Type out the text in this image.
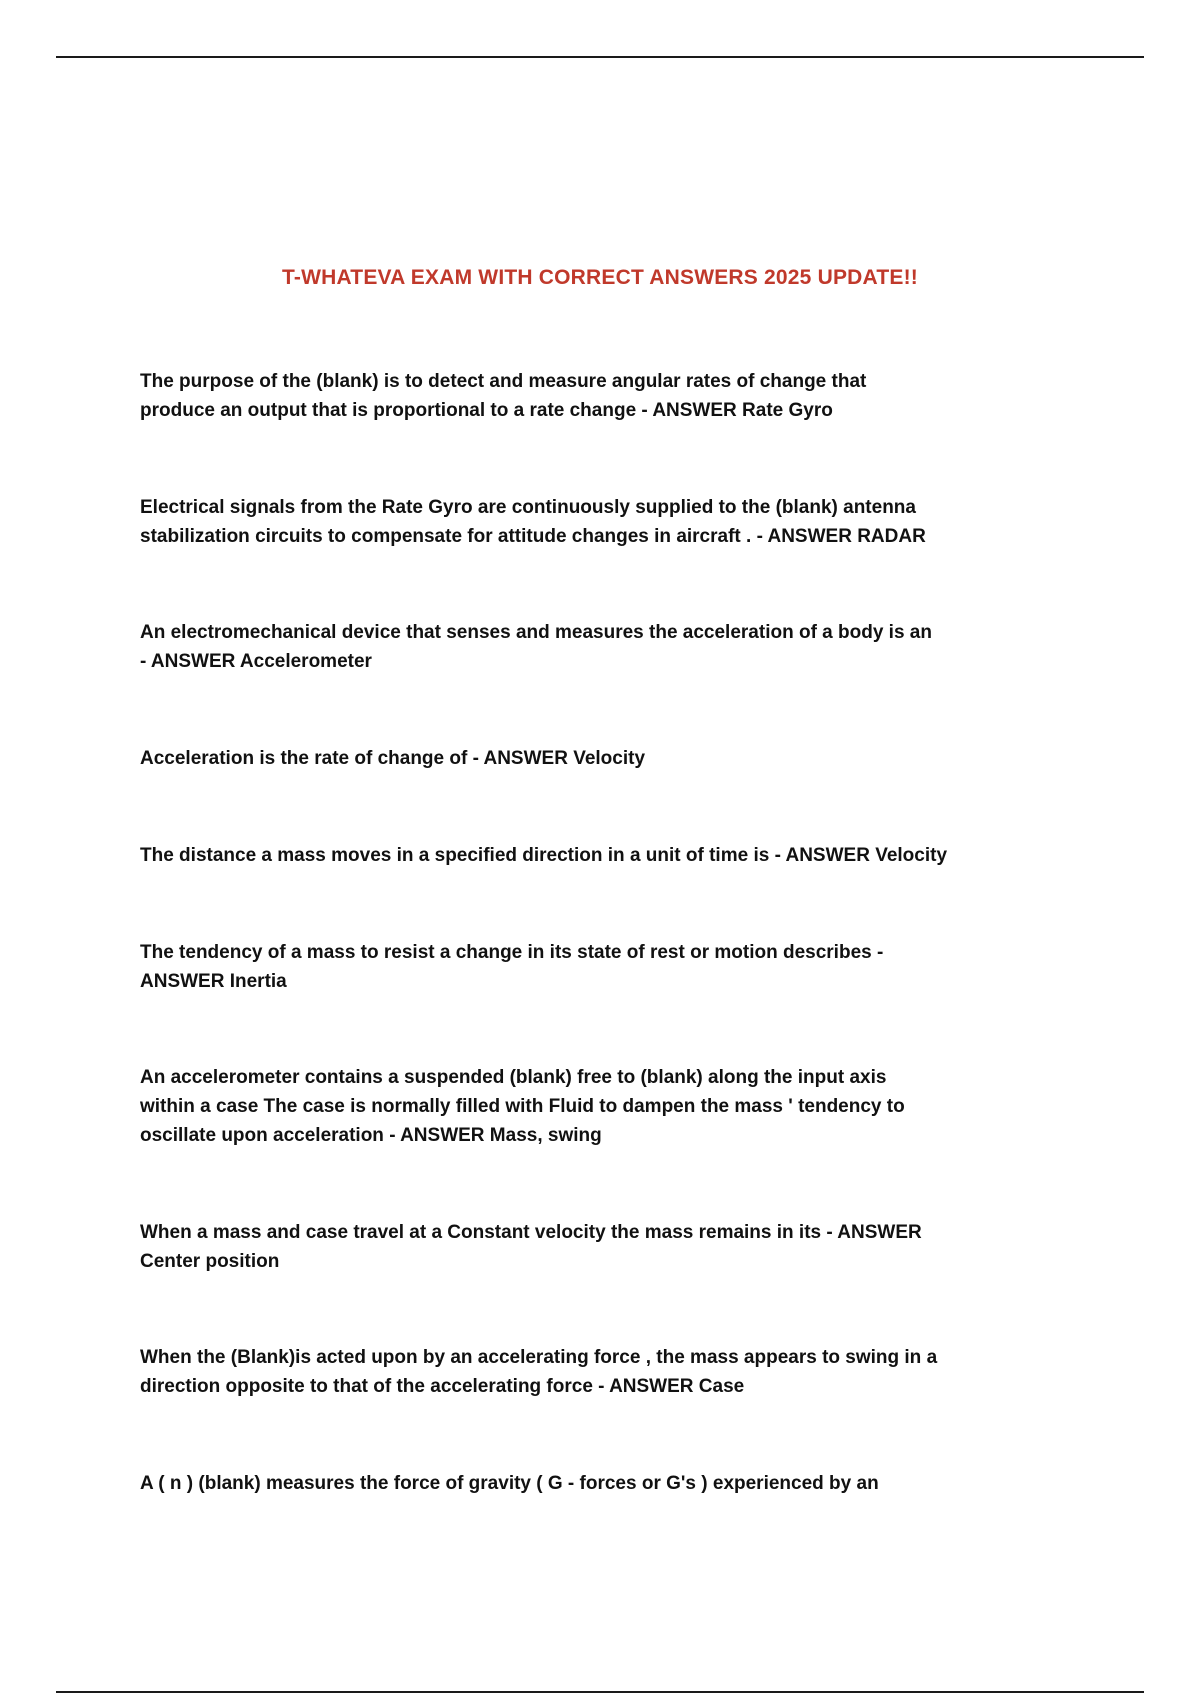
T-WHATEVA EXAM WITH CORRECT ANSWERS 2025 UPDATE!!

The purpose of the (blank) is to detect and measure angular rates of change that
produce an output that is proportional to a rate change - ANSWER Rate Gyro

Electrical signals from the Rate Gyro are continuously supplied to the (blank) antenna
stabilization circuits to compensate for attitude changes in aircraft . - ANSWER RADAR

An electromechanical device that senses and measures the acceleration of a body is an
- ANSWER Accelerometer

Acceleration is the rate of change of - ANSWER Velocity

The distance a mass moves in a specified direction in a unit of time is - ANSWER Velocity

The tendency of a mass to resist a change in its state of rest or motion describes -
ANSWER Inertia

An accelerometer contains a suspended (blank) free to (blank) along the input axis
within a case The case is normally filled with Fluid to dampen the mass ' tendency to
oscillate upon acceleration - ANSWER Mass, swing

When a mass and case travel at a Constant velocity the mass remains in its - ANSWER
Center position

When the (Blank)is acted upon by an accelerating force , the mass appears to swing in a
direction opposite to that of the accelerating force - ANSWER Case

A ( n ) (blank) measures the force of gravity ( G - forces or G's ) experienced by an
